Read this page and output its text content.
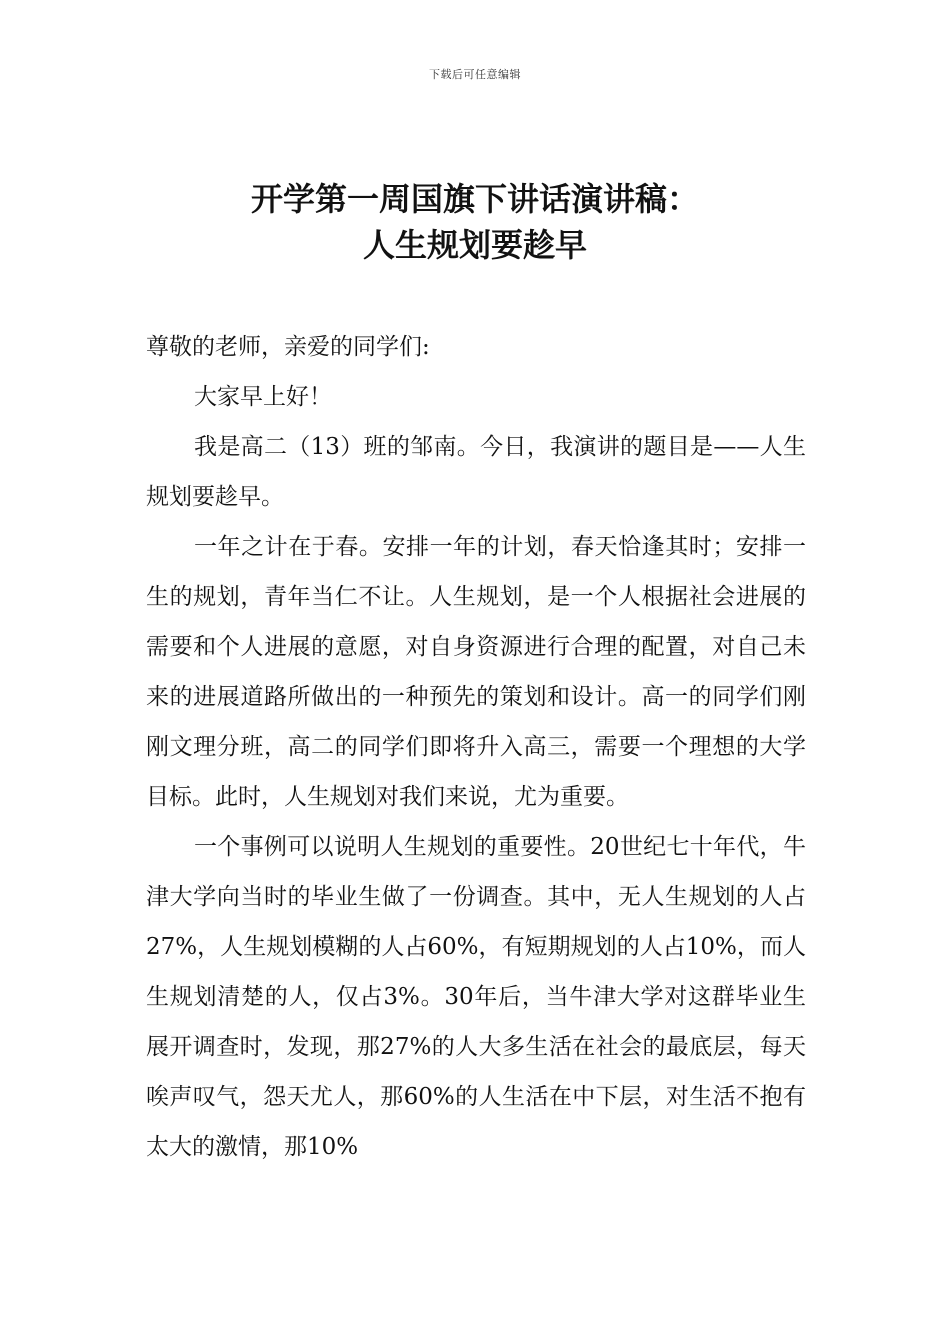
下载后可任意编辑
开学第一周国旗下讲话演讲稿：
人生规划要趁早

尊敬的老师，亲爱的同学们:

大家早上好！

我是高二（13）班的邹南。今日，我演讲的题目是——人生规划要趁早。

一年之计在于春。安排一年的计划，春天恰逢其时；安排一生的规划，青年当仁不让。人生规划，是一个人根据社会进展的需要和个人进展的意愿，对自身资源进行合理的配置，对自己未来的进展道路所做出的一种预先的策划和设计。高一的同学们刚刚文理分班，高二的同学们即将升入高三，需要一个理想的大学目标。此时，人生规划对我们来说，尤为重要。

一个事例可以说明人生规划的重要性。20世纪七十年代，牛津大学向当时的毕业生做了一份调查。其中，无人生规划的人占27%，人生规划模糊的人占60%，有短期规划的人占10%，而人生规划清楚的人，仅占3%。30年后，当牛津大学对这群毕业生展开调查时，发现，那27%的人大多生活在社会的最底层，每天唉声叹气，怨天尤人，那60%的人生活在中下层，对生活不抱有太大的激情，那10%
